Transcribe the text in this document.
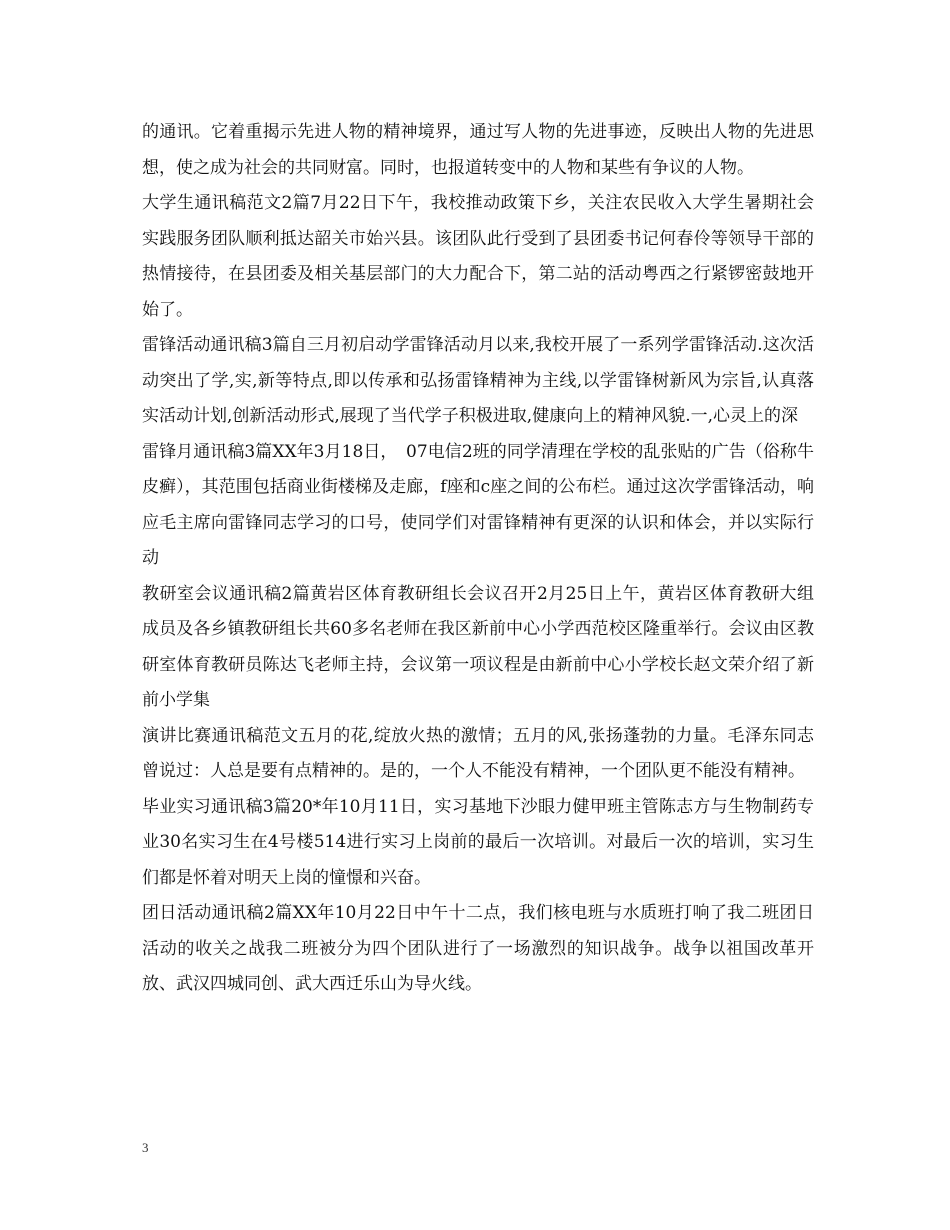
的通讯。它着重揭示先进人物的精神境界，通过写人物的先进事迹，反映出人物的先进思想，使之成为社会的共同财富。同时，也报道转变中的人物和某些有争议的人物。

大学生通讯稿范文2篇7月22日下午，我校推动政策下乡，关注农民收入大学生暑期社会实践服务团队顺利抵达韶关市始兴县。该团队此行受到了县团委书记何春伶等领导干部的热情接待，在县团委及相关基层部门的大力配合下，第二站的活动粤西之行紧锣密鼓地开始了。

雷锋活动通讯稿3篇自三月初启动学雷锋活动月以来,我校开展了一系列学雷锋活动.这次活动突出了学,实,新等特点,即以传承和弘扬雷锋精神为主线,以学雷锋树新风为宗旨,认真落实活动计划,创新活动形式,展现了当代学子积极进取,健康向上的精神风貌.一,心灵上的深

雷锋月通讯稿3篇XX年3月18日，　07电信2班的同学清理在学校的乱张贴的广告（俗称牛皮癣），其范围包括商业街楼梯及走廊，f座和c座之间的公布栏。通过这次学雷锋活动，响应毛主席向雷锋同志学习的口号，使同学们对雷锋精神有更深的认识和体会，并以实际行动

教研室会议通讯稿2篇黄岩区体育教研组长会议召开2月25日上午，黄岩区体育教研大组成员及各乡镇教研组长共60多名老师在我区新前中心小学西范校区隆重举行。会议由区教研室体育教研员陈达飞老师主持，会议第一项议程是由新前中心小学校长赵文荣介绍了新前小学集

演讲比赛通讯稿范文五月的花,绽放火热的激情；五月的风,张扬蓬勃的力量。毛泽东同志曾说过：人总是要有点精神的。是的，一个人不能没有精神，一个团队更不能没有精神。

毕业实习通讯稿3篇20*年10月11日，实习基地下沙眼力健甲班主管陈志方与生物制药专业30名实习生在4号楼514进行实习上岗前的最后一次培训。对最后一次的培训，实习生们都是怀着对明天上岗的憧憬和兴奋。

团日活动通讯稿2篇XX年10月22日中午十二点，我们核电班与水质班打响了我二班团日活动的收关之战我二班被分为四个团队进行了一场激烈的知识战争。战争以祖国改革开放、武汉四城同创、武大西迁乐山为导火线。

3
